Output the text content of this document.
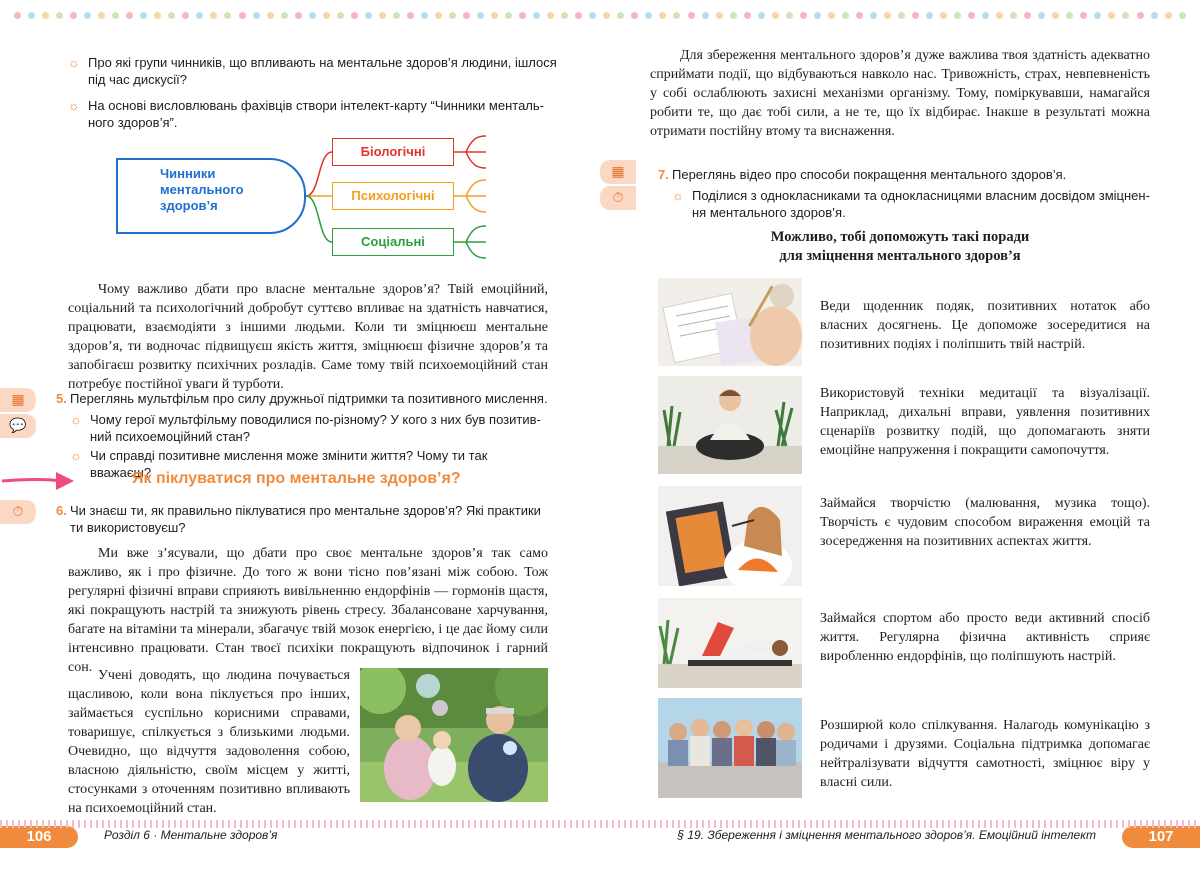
☼ Про які групи чинників, що впливають на ментальне здоров’я людини, ішлося під час дискусії?
☼ На основі висловлювань фахівців створи інтелект-карту “Чинники ментального здоров’я”.
Чинники ментального здоров’я
Біологічні
Психологічні
Соціальні

Чому важливо дбати про власне ментальне здоров’я? Твій емоційний, соціальний та психологічний добробут суттєво впливає на здатність навчатися, працювати, взаємодіяти з іншими людьми. Коли ти зміцнюєш ментальне здоров’я, ти водночас підвищуєш якість життя, зміцнюєш фізичне здоров’я та запобігаєш розвитку психічних розладів. Саме тому твій психоемоційний стан потребує постійної уваги й турботи.

▦
💬
5. Переглянь мультфільм про силу дружньої підтримки та позитивного мислення.
☼ Чому герої мультфільму поводилися по-різному? У кого з них був позитивний психоемоційний стан?
☼ Чи справді позитивне мислення може змінити життя? Чому ти так вважаєш?
Як піклуватися про ментальне здоров’я?
⏱	6. Чи знаєш ти, як правильно піклуватися про ментальне здоров’я? Які практики ти використовуєш?

Ми вже з’ясували, що дбати про своє ментальне здоров’я так само важливо, як і про фізичне. До того ж вони тісно пов’язані між собою. Тож регулярні фізичні вправи сприяють вивільненню ендорфінів — гормонів щастя, які покращують настрій та знижують рівень стресу. Збалансоване харчування, багате на вітаміни та мінерали, збагачує твій мозок енергією, і це дає йому сили інтенсивно працювати. Стан твоєї психіки покращують відпочинок і гарний сон.

Учені доводять, що людина почувається щасливою, коли вона піклується про інших, займається суспільно корисними справами, товаришує, спілкується з близькими людьми. Очевидно, що відчуття задоволення собою, власною діяльністю, своїм місцем у житті, стосунками з оточенням позитивно впливають на психоемоційний стан.

106	Розділ 6 · Ментальне здоров’я

Для збереження ментального здоров’я дуже важлива твоя здатність адекватно сприймати події, що відбуваються навколо нас. Тривожність, страх, невпевненість у собі ослаблюють захисні механізми організму. Тому, поміркувавши, намагайся робити те, що дає тобі сили, а не те, що їх відбирає. Інакше в результаті можна отримати постійну втому та виснаження.

▦
⏱
7. Переглянь відео про способи покращення ментального здоров’я.
☼ Поділися з однокласниками та однокласницями власним досвідом зміцнення ментального здоров’я.
Можливо, тобі допоможуть такі поради
для зміцнення ментального здоров’я
Веди щоденник подяк, позитивних нотаток або власних досягнень. Це допоможе зосередитися на позитивних подіях і поліпшить твій настрій.
Використовуй техніки медитації та візуалізації. Наприклад, дихальні вправи, уявлення позитивних сценаріїв розвитку подій, що допомагають зняти емоційне напруження і покращити самопочуття.
Займайся творчістю (малювання, музика тощо). Творчість є чудовим способом вираження емоцій та зосередження на позитивних аспектах життя.
Займайся спортом або просто веди активний спосіб життя. Регулярна фізична активність сприяє виробленню ендорфінів, що поліпшують настрій.
Розширюй коло спілкування. Налагодь комунікацію з родичами і друзями. Соціальна підтримка допомагає нейтралізувати відчуття самотності, зміцнює віру у власні сили.
§ 19. Збереження і зміцнення ментального здоров’я. Емоційний інтелект	107
